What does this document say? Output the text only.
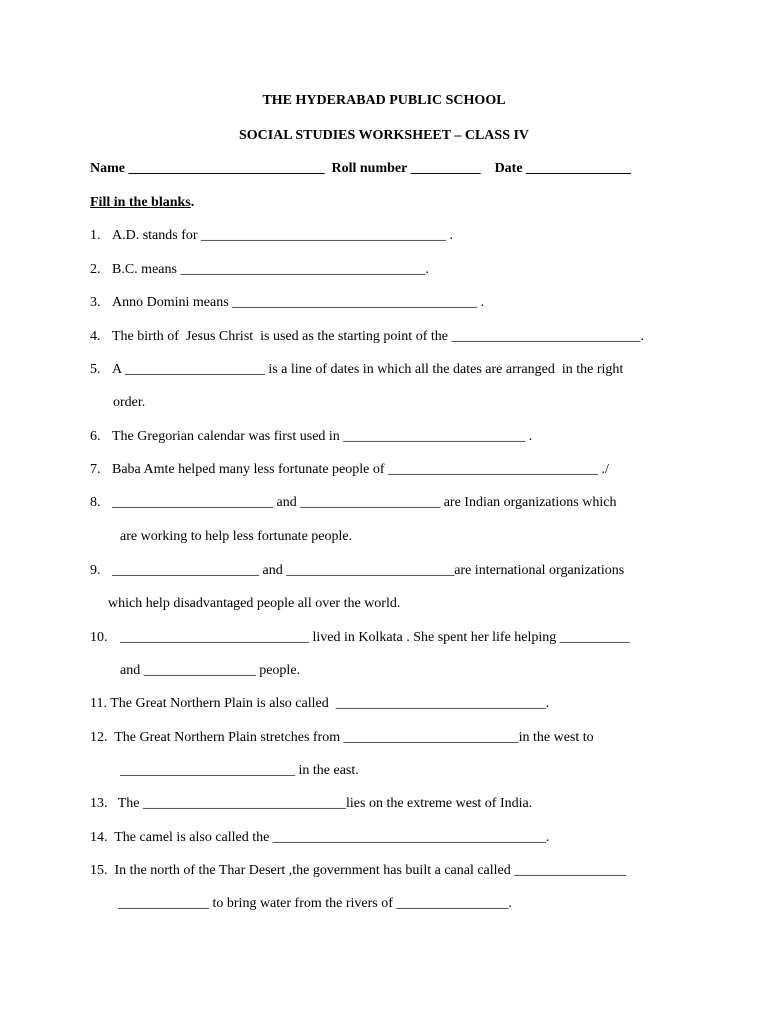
THE HYDERABAD PUBLIC SCHOOL
SOCIAL STUDIES WORKSHEET – CLASS IV
Name ____________________________  Roll number __________    Date _______________
Fill in the blanks.
1. A.D. stands for ___________________________________ .
2. B.C. means ___________________________________.
3. Anno Domini means ___________________________________ .
4. The birth of  Jesus Christ  is used as the starting point of the ___________________________.
5. A ____________________ is a line of dates in which all the dates are arranged  in the right
order.
6. The Gregorian calendar was first used in __________________________ .
7. Baba Amte helped many less fortunate people of ______________________________ ./
8. _______________________ and ____________________ are Indian organizations which
are working to help less fortunate people.
9. _____________________ and ________________________are international organizations
which help disadvantaged people all over the world.
10. ___________________________ lived in Kolkata . She spent her life helping __________
and ________________ people.
11. The Great Northern Plain is also called  ______________________________.
12.  The Great Northern Plain stretches from _________________________in the west to
_________________________ in the east.
13.   The _____________________________lies on the extreme west of India.
14.  The camel is also called the _______________________________________.
15.  In the north of the Thar Desert ,the government has built a canal called ________________
_____________ to bring water from the rivers of ________________.
